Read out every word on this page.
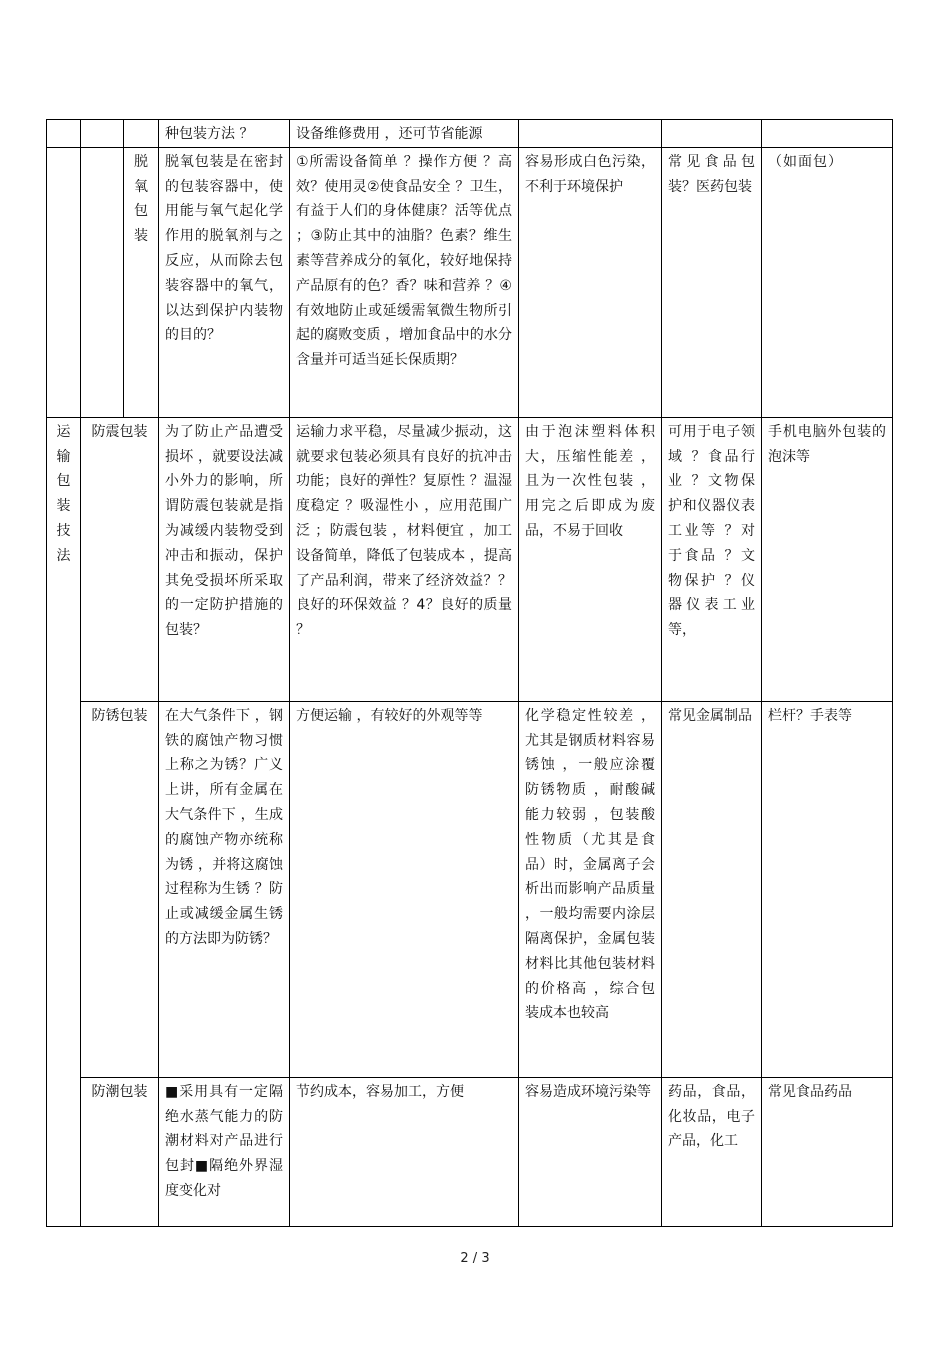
			种包装方法 ？	设备维修费用 ，还可节省能源			

		脱氧包装	脱氧包装是在密封的包装容器中，使用能与氧气起化学作用的脱氧剂与之反应，从而除去包装容器中的氧气，以达到保护内装物的目的？	①所需设备简单 ？操作方便 ？高效？使用灵②使食品安全 ？卫生，有益于人们的身体健康？活等优点 ；③防止其中的油脂？色素？维生素等营养成分的氧化，较好地保持产品原有的色？香？味和营养 ？④有效地防止或延缓需氧微生物所引起的腐败变质 ，增加食品中的水分含量并可适当延长保质期？	容易形成白色污染，不利于环境保护	常见食品包装？医药包装	（如面包）

运输包装技法	防震包装		为了防止产品遭受损坏 ，就要设法减小外力的影响，所谓防震包装就是指为减缓内装物受到冲击和振动，保护其免受损坏所采取的一定防护措施的包装？	运输力求平稳，尽量减少振动，这就要求包装必须具有良好的抗冲击功能；良好的弹性？复原性 ？温湿度稳定 ？吸湿性小 ，应用范围广泛 ；防震包装 ，材料便宜 ，加工设备简单，降低了包装成本 ，提高了产品利润，带来了经济效益？？良好的环保效益 ？4？良好的质量 ？	由于泡沫塑料体积大，压缩性能差 ，且为一次性包装 ，用完之后即成为废品，不易于回收	可用于电子领域 ？食品行业 ？文物保护和仪器仪表工业等 ？对于食品 ？文物保护 ？仪器仪表工业等，	手机电脑外包装的泡沫等
	防锈包装		在大气条件下 ，钢铁的腐蚀产物习惯上称之为锈？广义上讲，所有金属在大气条件下 ，生成的腐蚀产物亦统称为锈 ，并将这腐蚀过程称为生锈 ？防止或减缓金属生锈的方法即为防锈？	方便运输 ，有较好的外观等等	化学稳定性较差 ，尤其是钢质材料容易锈蚀 ，一般应涂覆防锈物质 ，耐酸碱能力较弱 ，包装酸性物质（尤其是食品）时，金属离子会析出而影响产品质量 ，一般均需要内涂层隔离保护，金属包装材料比其他包装材料的价格高 ，综合包装成本也较高	常见金属制品	栏杆？手表等
	防潮包装		■采用具有一定隔绝水蒸气能力的防潮材料对产品进行包封■隔绝外界湿度变化对	节约成本，容易加工，方便	容易造成环境污染等	药品，食品，化妆品，电子产品，化工	常见食品药品
2 / 3
